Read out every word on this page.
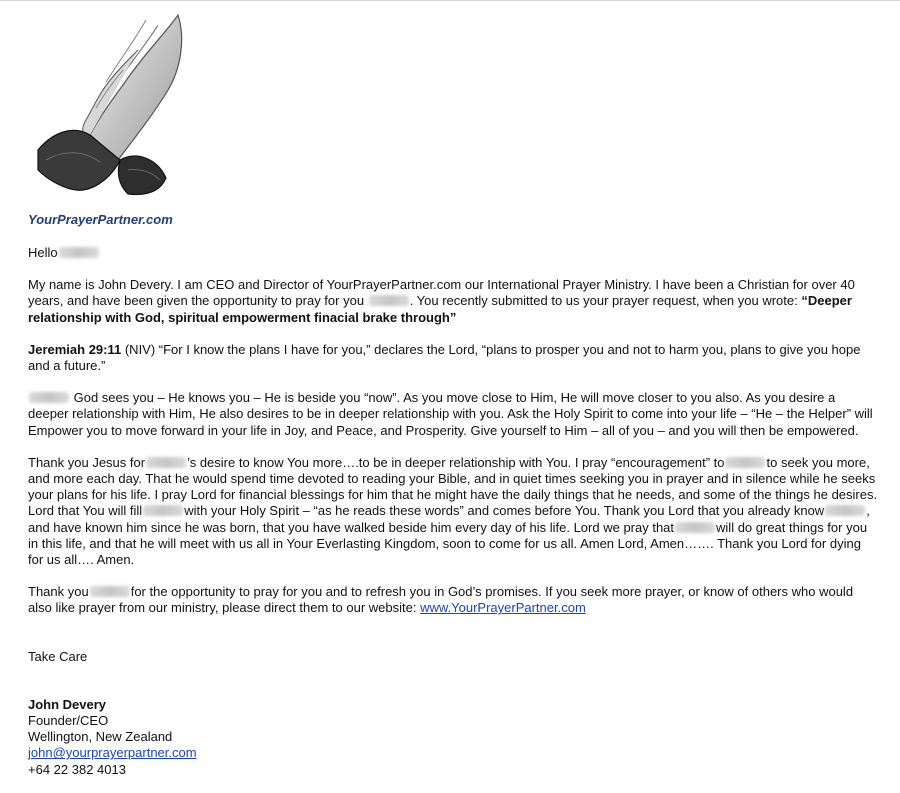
YourPrayerPartner.com

Hello

My name is John Devery. I am CEO and Director of YourPrayerPartner.com our International Prayer Ministry. I have been a Christian for over 40 years, and have been given the opportunity to pray for you	. You recently submitted to us your prayer request, when you wrote: “Deeper relationship with God, spiritual empowerment finacial brake through”

Jeremiah 29:11 (NIV) “For I know the plans I have for you,” declares the Lord, “plans to prosper you and not to harm you, plans to give you hope and a future.”

God sees you – He knows you – He is beside you “now”. As you move close to Him, He will move closer to you also. As you desire a deeper relationship with Him, He also desires to be in deeper relationship with you. Ask the Holy Spirit to come into your life – “He – the Helper” will Empower you to move forward in your life in Joy, and Peace, and Prosperity. Give yourself to Him – all of you – and you will then be empowered.

Thank you Jesus for	’s desire to know You more….to be in deeper relationship with You. I pray “encouragement” to	to seek you more, and more each day. That he would spend time devoted to reading your Bible, and in quiet times seeking you in prayer and in silence while he seeks your plans for his life. I pray Lord for financial blessings for him that he might have the daily things that he needs, and some of the things he desires. Lord that You will fill	with your Holy Spirit – “as he reads these words” and comes before You. Thank you Lord that you already know	, and have known him since he was born, that you have walked beside him every day of his life. Lord we pray that	will do great things for you in this life, and that he will meet with us all in Your Everlasting Kingdom, soon to come for us all. Amen Lord, Amen……. Thank you Lord for dying for us all…. Amen.

Thank you	for the opportunity to pray for you and to refresh you in God’s promises. If you seek more prayer, or know of others who would also like prayer from our ministry, please direct them to our website: www.YourPrayerPartner.com

Take Care

John Devery
Founder/CEO
Wellington, New Zealand
john@yourprayerpartner.com
+64 22 382 4013
